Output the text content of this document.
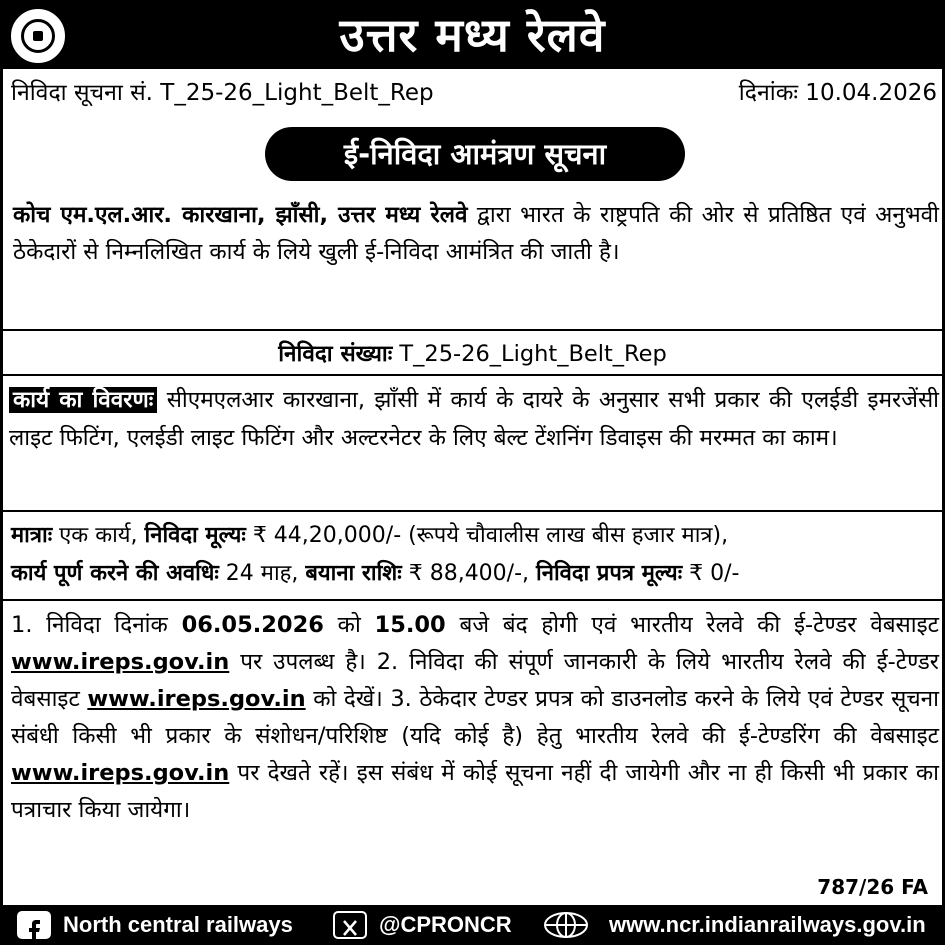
उत्तर मध्य रेलवे
निविदा सूचना सं. T_25-26_Light_Belt_Rep	दिनांकः 10.04.2026
ई-निविदा आमंत्रण सूचना
कोच एम.एल.आर. कारखाना, झाँसी, उत्तर मध्य रेलवे द्वारा भारत के राष्ट्रपति की ओर से प्रतिष्ठित एवं अनुभवी ठेकेदारों से निम्नलिखित कार्य के लिये खुली ई-निविदा आमंत्रित की जाती है।
निविदा संख्याः T_25-26_Light_Belt_Rep
कार्य का विवरणः सीएमएलआर कारखाना, झाँसी में कार्य के दायरे के अनुसार सभी प्रकार की एलईडी इमरजेंसी लाइट फिटिंग, एलईडी लाइट फिटिंग और अल्टरनेटर के लिए बेल्ट टेंशनिंग डिवाइस की मरम्मत का काम।
मात्राः एक कार्य, निविदा मूल्यः ₹ 44,20,000/- (रूपये चौवालीस लाख बीस हजार मात्र),
कार्य पूर्ण करने की अवधिः 24 माह, बयाना राशिः ₹ 88,400/-, निविदा प्रपत्र मूल्यः ₹ 0/-
1. निविदा दिनांक 06.05.2026 को 15.00 बजे बंद होगी एवं भारतीय रेलवे की ई-टेण्डर वेबसाइट www.ireps.gov.in पर उपलब्ध है। 2. निविदा की संपूर्ण जानकारी के लिये भारतीय रेलवे की ई-टेण्डर वेबसाइट www.ireps.gov.in को देखें। 3. ठेकेदार टेण्डर प्रपत्र को डाउनलोड करने के लिये एवं टेण्डर सूचना संबंधी किसी भी प्रकार के संशोधन/परिशिष्ट (यदि कोई है) हेतु भारतीय रेलवे की ई-टेण्डरिंग की वेबसाइट www.ireps.gov.in पर देखते रहें। इस संबंध में कोई सूचना नहीं दी जायेगी और ना ही किसी भी प्रकार का पत्राचार किया जायेगा।
787/26 FA
North central railways	@CPRONCR	www.ncr.indianrailways.gov.in
